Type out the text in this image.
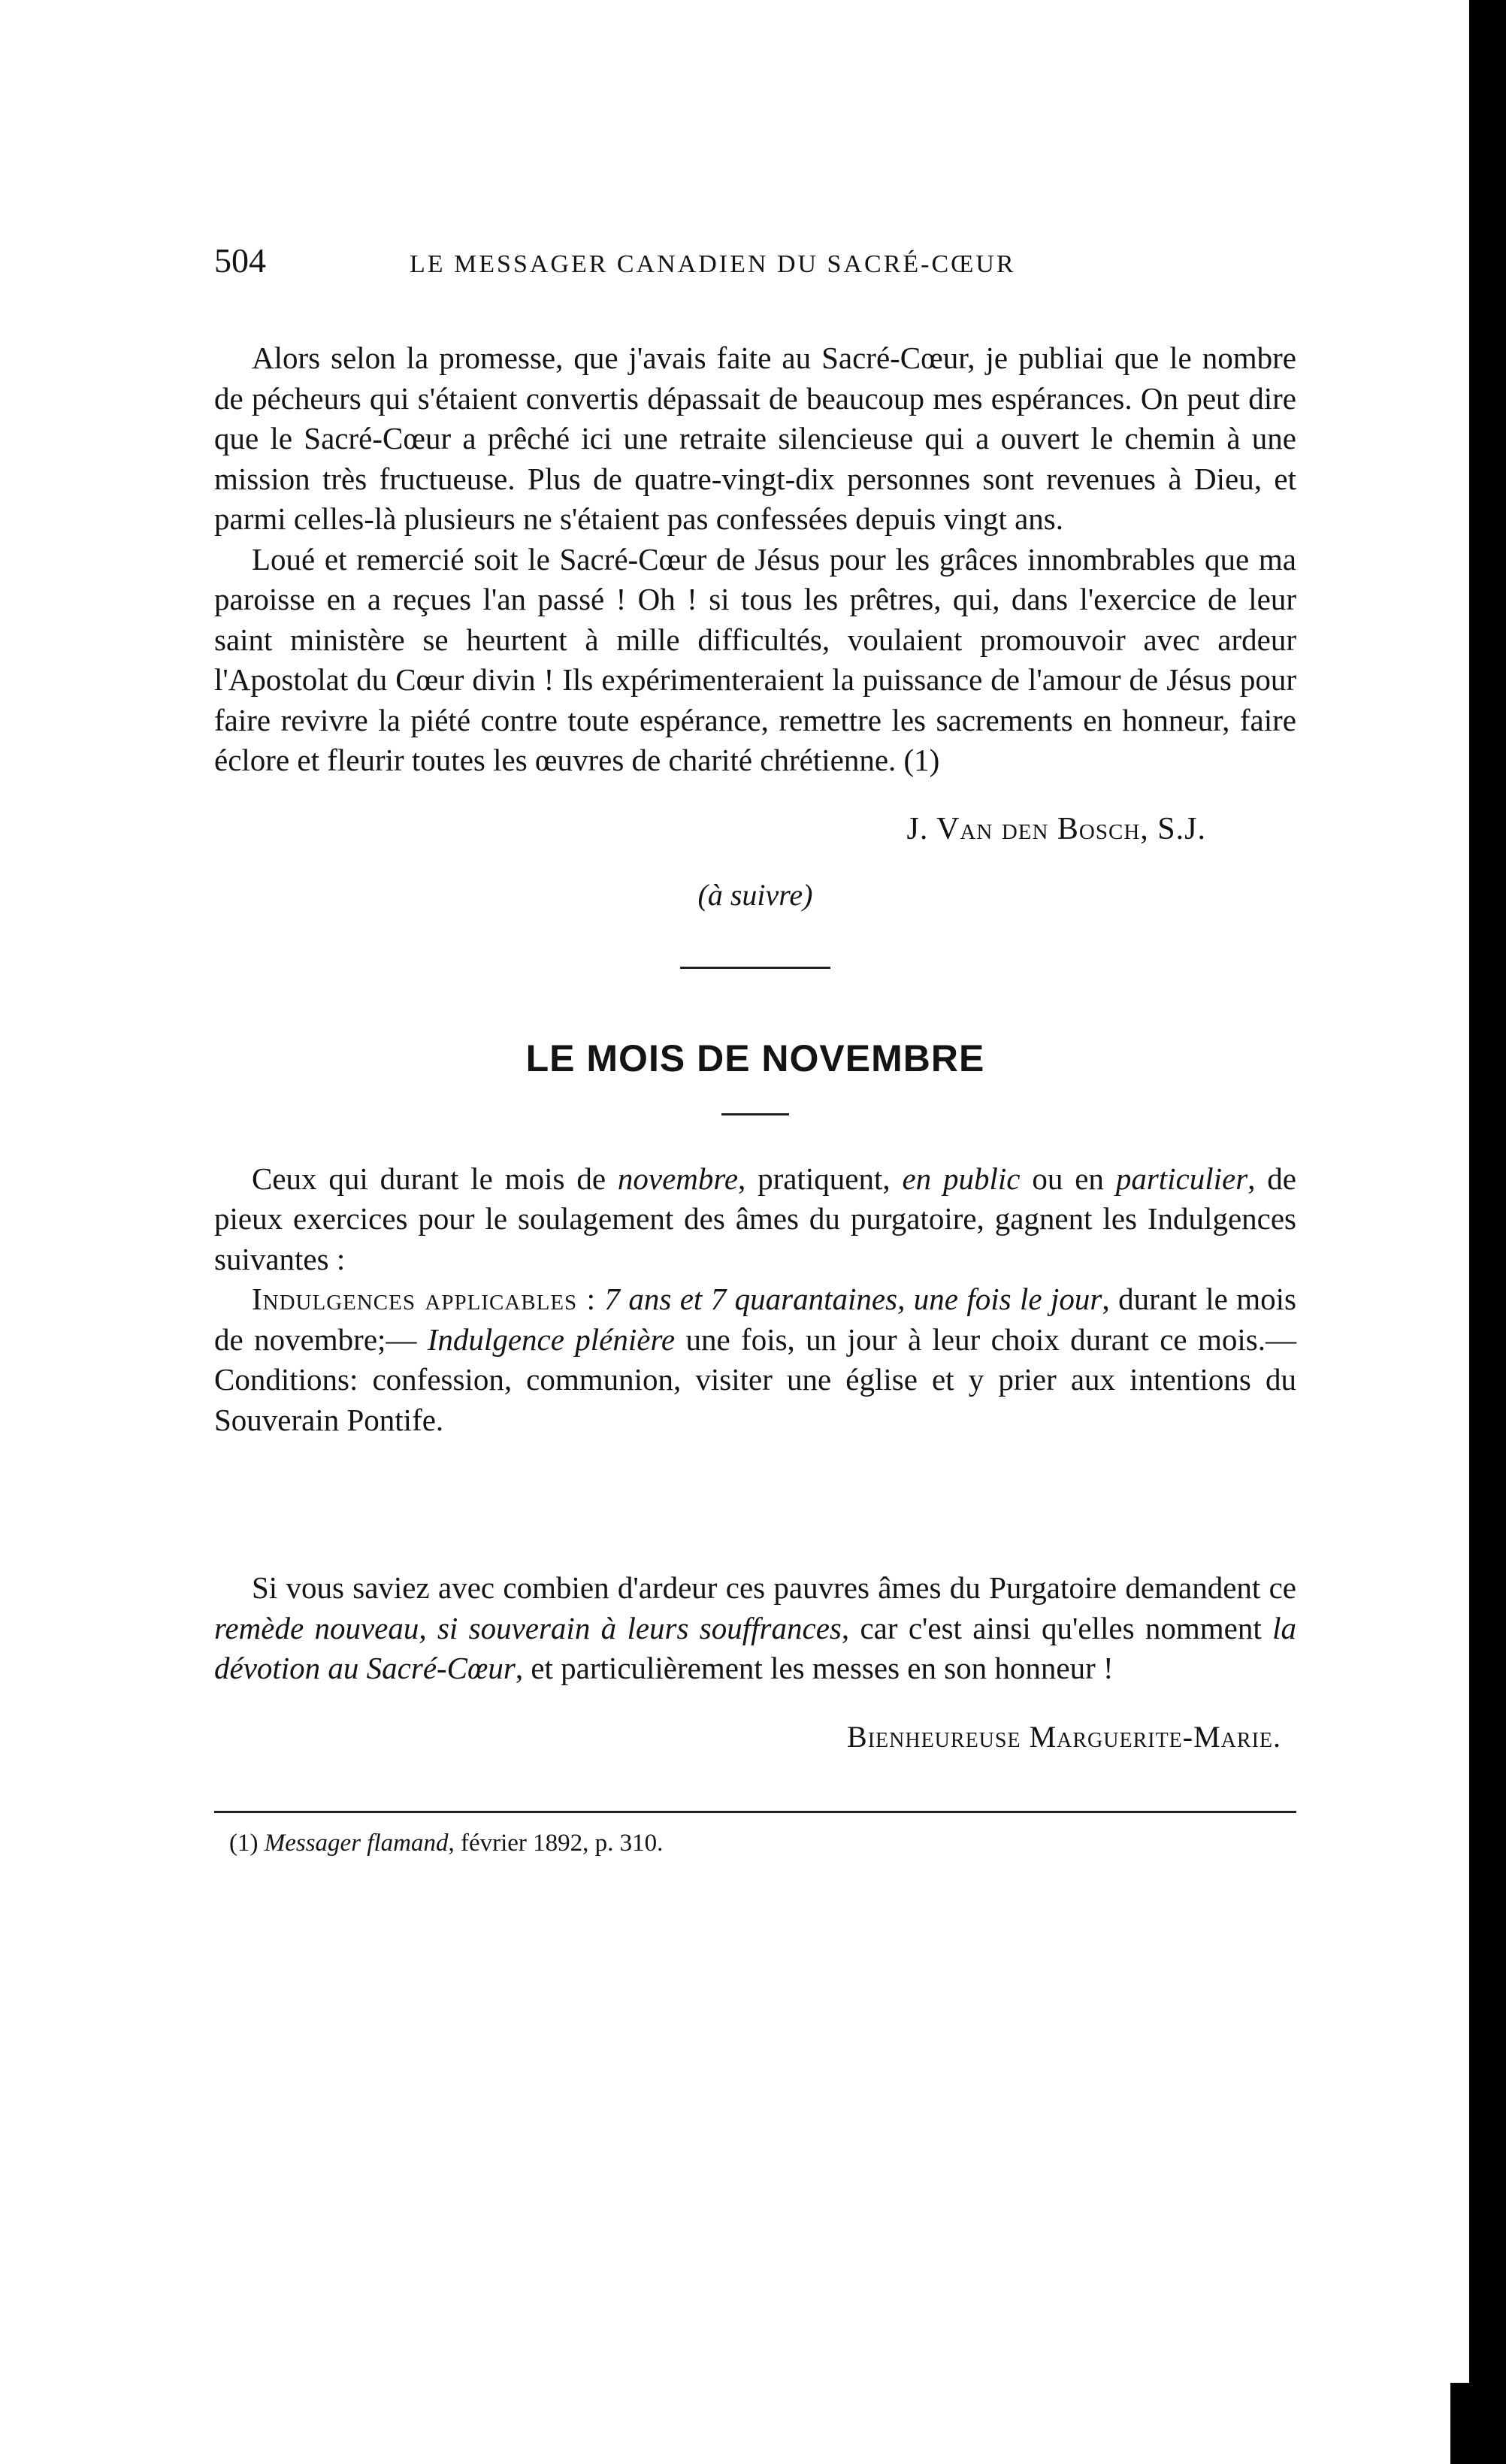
504	LE MESSAGER CANADIEN DU SACRÉ-CŒUR

Alors selon la promesse, que j'avais faite au Sacré-Cœur, je publiai que le nombre de pécheurs qui s'étaient convertis dépassait de beaucoup mes espérances. On peut dire que le Sacré-Cœur a prêché ici une retraite silencieuse qui a ouvert le chemin à une mission très fructueuse. Plus de quatre-vingt-dix personnes sont revenues à Dieu, et parmi celles-là plusieurs ne s'étaient pas confessées depuis vingt ans.

Loué et remercié soit le Sacré-Cœur de Jésus pour les grâces innombrables que ma paroisse en a reçues l'an passé ! Oh ! si tous les prêtres, qui, dans l'exercice de leur saint ministère se heurtent à mille difficultés, voulaient promouvoir avec ardeur l'Apostolat du Cœur divin ! Ils expérimenteraient la puissance de l'amour de Jésus pour faire revivre la piété contre toute espérance, remettre les sacrements en honneur, faire éclore et fleurir toutes les œuvres de charité chrétienne. (1)

J. Van den Bosch, S.J.
(à suivre)
LE MOIS DE NOVEMBRE

Ceux qui durant le mois de novembre, pratiquent, en public ou en particulier, de pieux exercices pour le soulagement des âmes du purgatoire, gagnent les Indulgences suivantes :

Indulgences applicables : 7 ans et 7 quarantaines, une fois le jour, durant le mois de novembre;— Indulgence plénière une fois, un jour à leur choix durant ce mois.—Conditions: confession, communion, visiter une église et y prier aux intentions du Souverain Pontife.

Si vous saviez avec combien d'ardeur ces pauvres âmes du Purgatoire demandent ce remède nouveau, si souverain à leurs souffrances, car c'est ainsi qu'elles nomment la dévotion au Sacré-Cœur, et particulièrement les messes en son honneur !

Bienheureuse Marguerite-Marie.
(1) Messager flamand, février 1892, p. 310.
